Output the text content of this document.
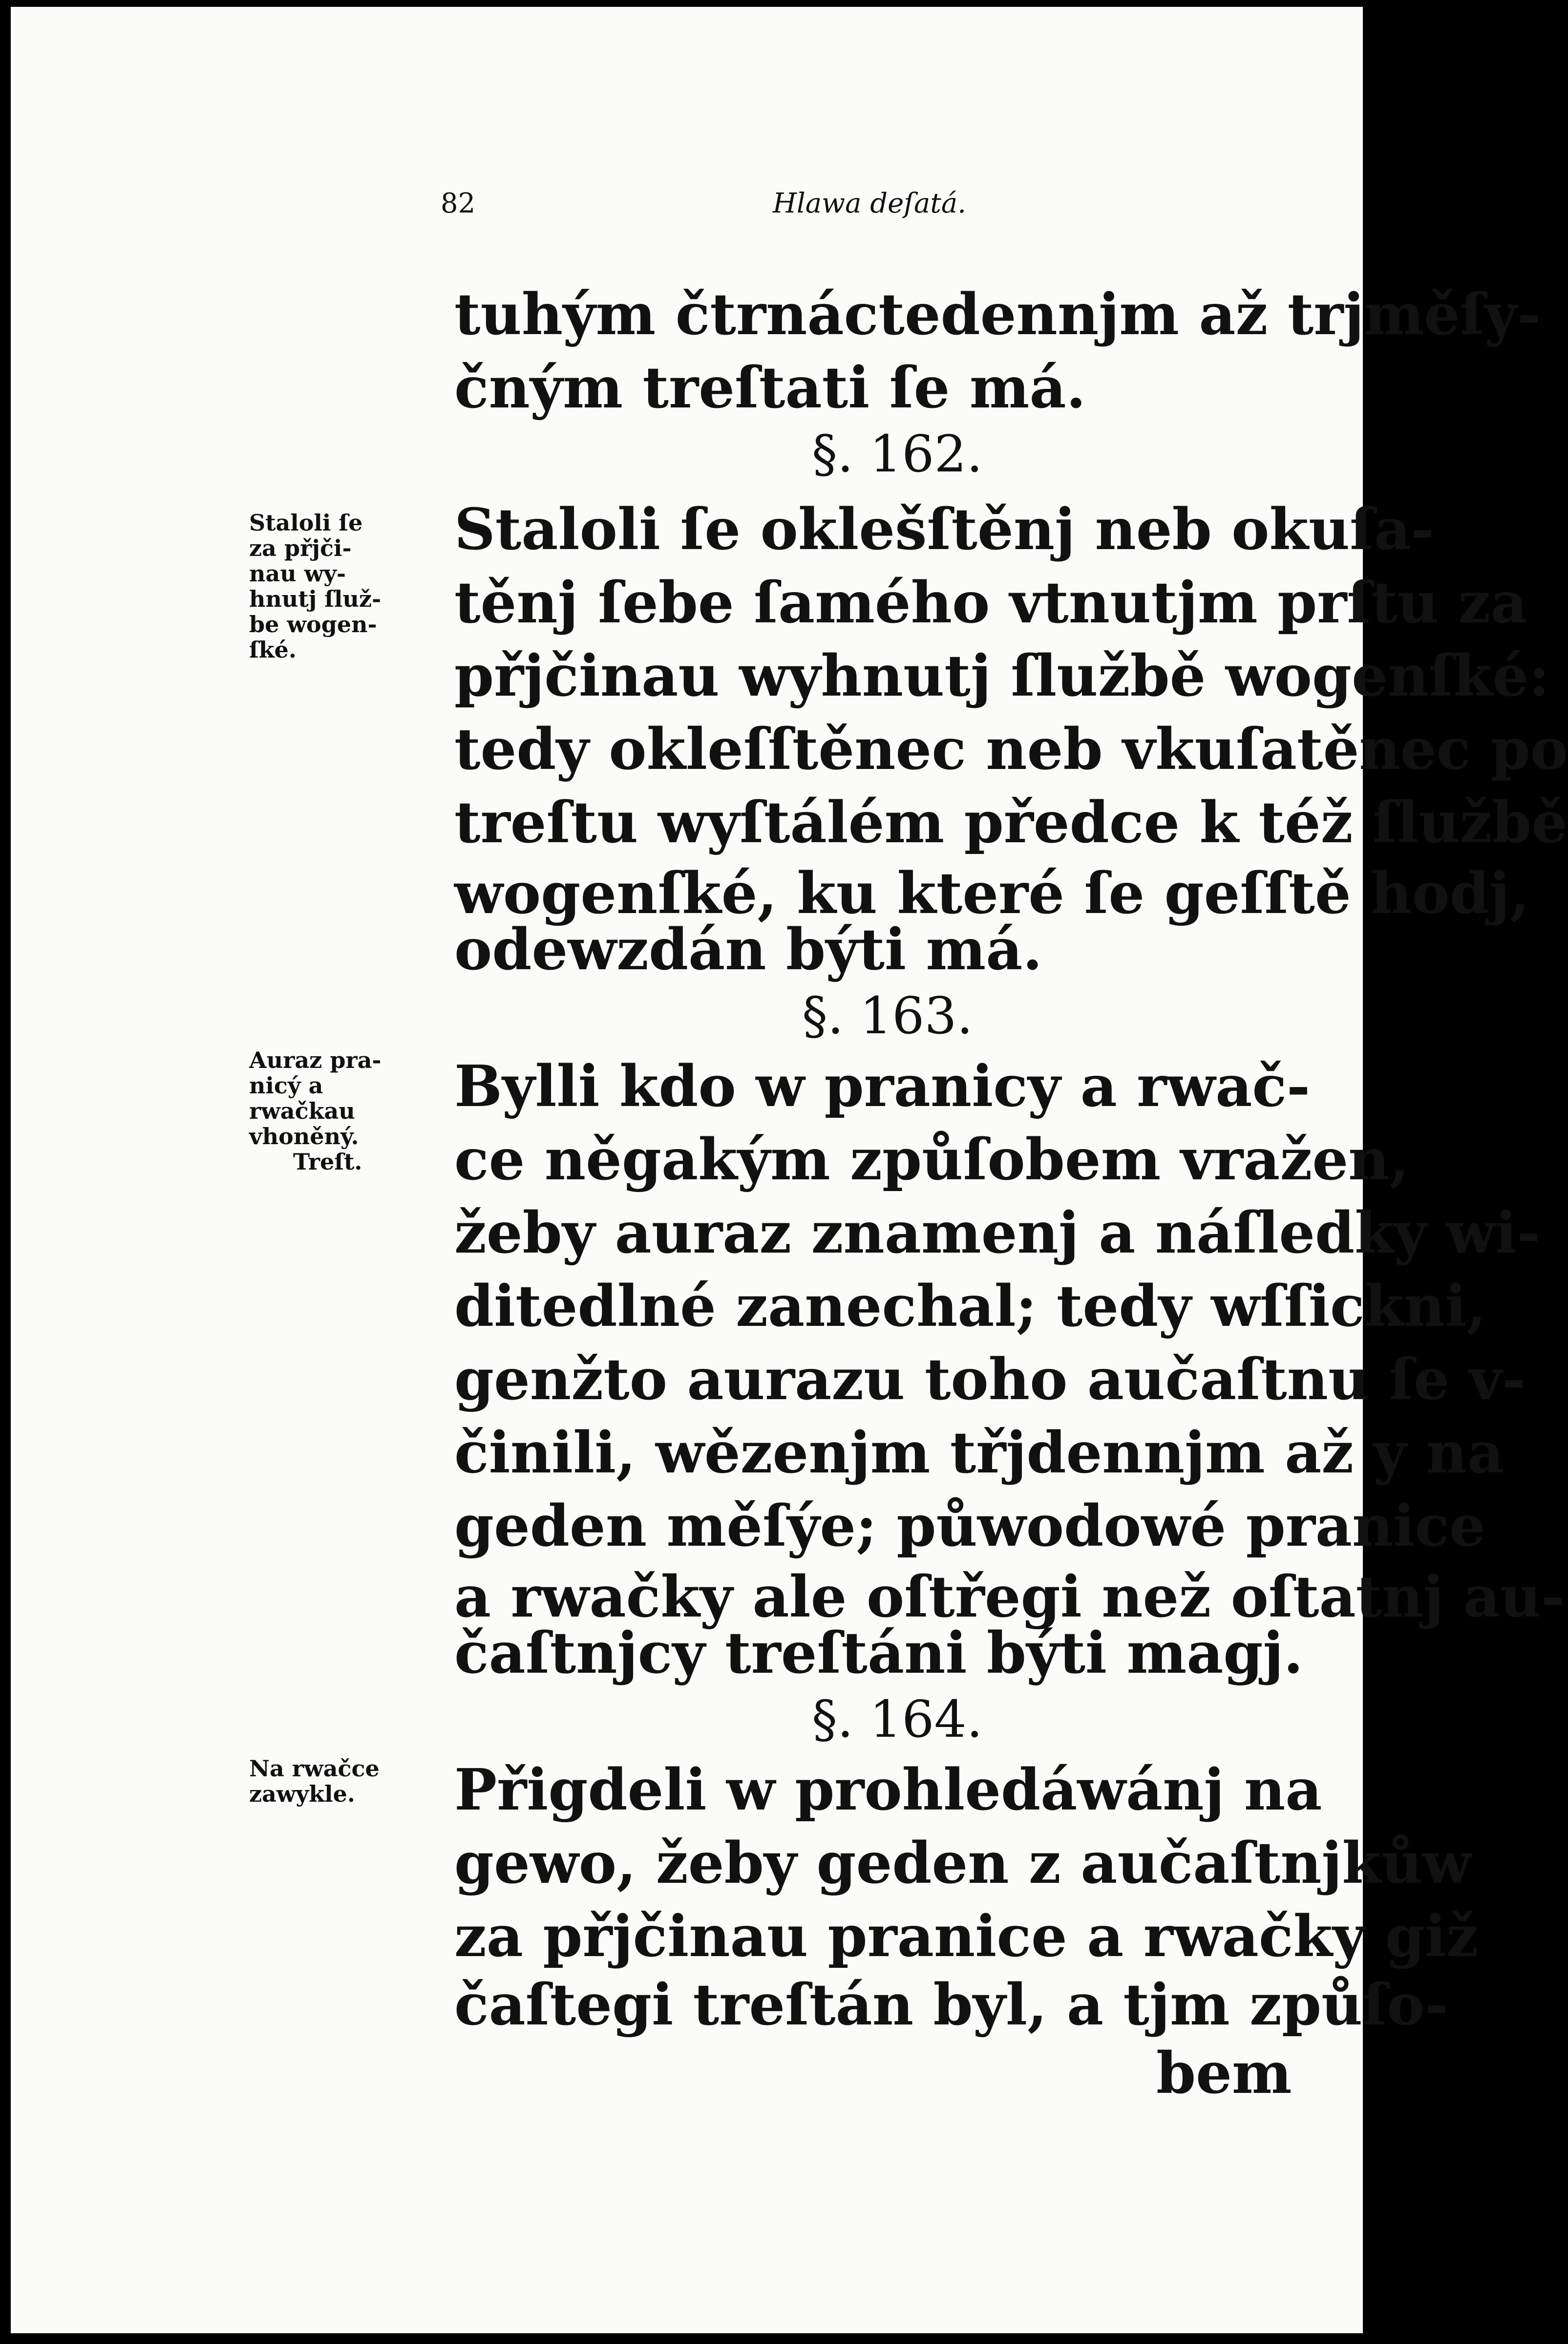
82	Hlawa deſatá.
tuhým čtrnáctedennjm až trjměſy-
čným treſtati ſe má.
§. 162.
Staloli ſe oklešſtěnj neb okuſa-
těnj ſebe ſamého vtnutjm prſtu za
přjčinau wyhnutj ſlužbě wogenſké:
tedy okleſſtěnec neb vkuſatěnec po
treſtu wyſtálém předce k též ſlužbě
wogenſké, ku které ſe geſſtě hodj,
odewzdán býti má.
§. 163.
Bylli kdo w pranicy a rwač-
ce něgakým způſobem vražen,
žeby auraz znamenj a náſledky wi-
ditedlné zanechal; tedy wſſickni,
genžto aurazu toho aučaſtnu ſe v-
činili, wězenjm třjdennjm až y na
geden měſýe; půwodowé pranice
a rwačky ale oſtřegi než oſtatnj au-
čaſtnjcy treſtáni býti magj.
§. 164.
Přigdeli w prohledáwánj na
gewo, žeby geden z aučaſtnjkůw
za přjčinau pranice a rwačky giž
čaſtegi treſtán byl, a tjm způſo-
bem
Staloli ſe
za přjči-
nau wy-
hnutj ſluž-
be wogen-
ſké.
Auraz pra-
nicý a
rwačkau
vhoněný.
Treſt.
Na rwačce
zawykle.
